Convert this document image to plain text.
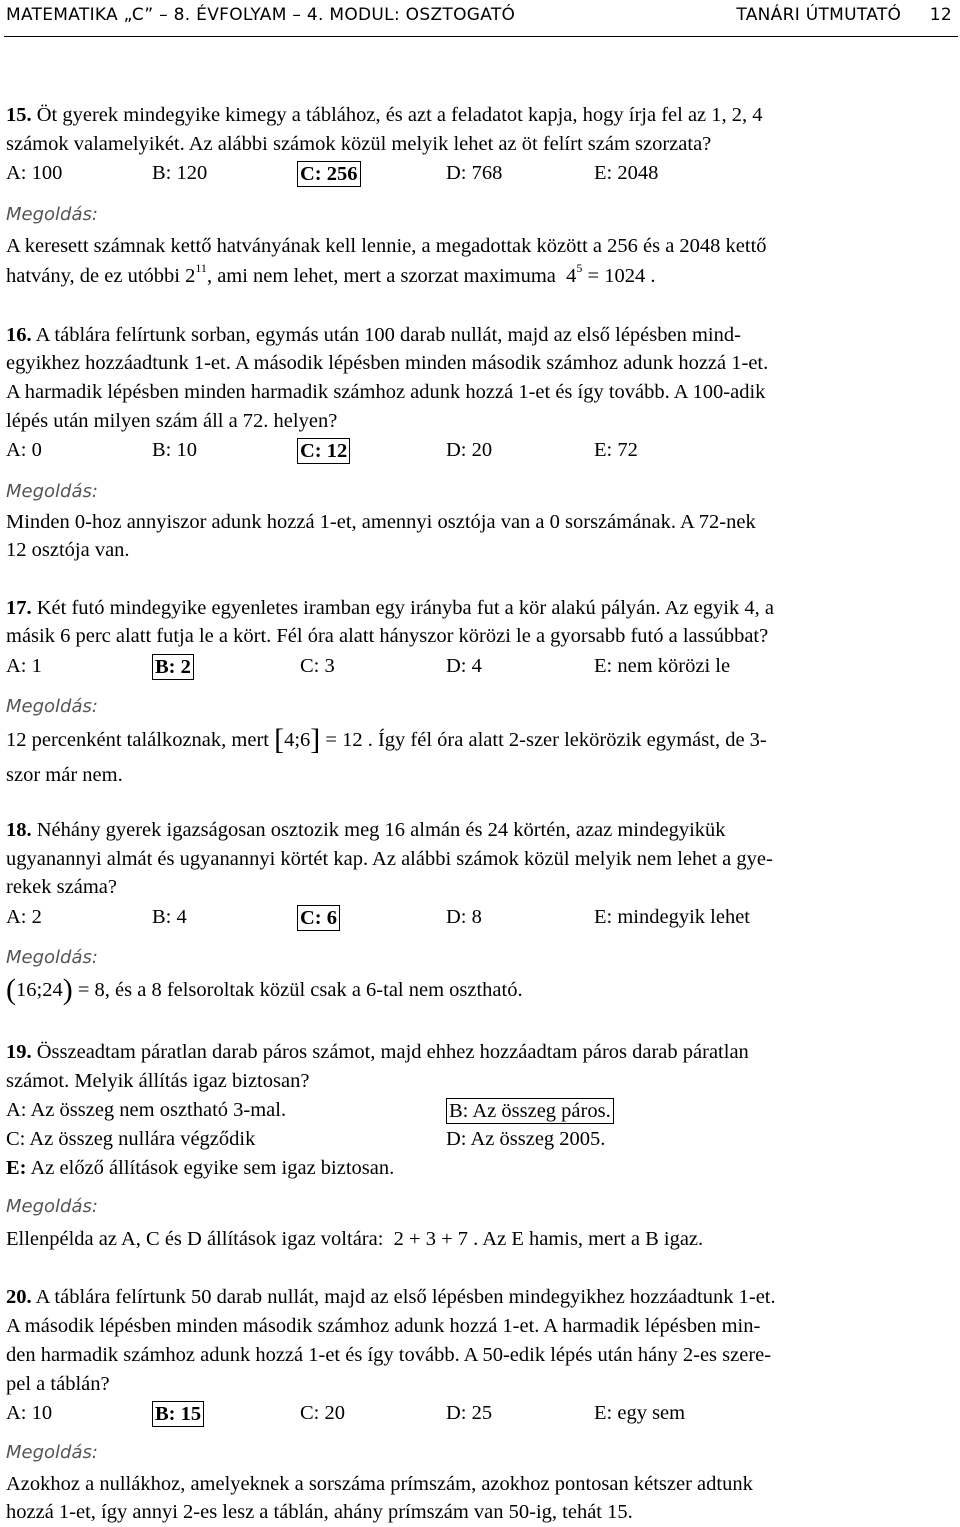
MATEMATIKA „C” – 8. ÉVFOLYAM – 4. MODUL: OSZTOGATÓ	TANÁRI ÚTMUTATÓ 12
15. Öt gyerek mindegyike kimegy a táblához, és azt a feladatot kapja, hogy írja fel az 1, 2, 4
számok valamelyikét. Az alábbi számok közül melyik lehet az öt felírt szám szorzata?
A: 100	B: 120	C: 256	D: 768	E: 2048
Megoldás:
A keresett számnak kettő hatványának kell lennie, a megadottak között a 256 és a 2048 kettő
hatvány, de ez utóbbi $2^{11}$, ami nem lehet, mert a szorzat maximuma  $4^5 = 1024$ .
16. A táblára felírtunk sorban, egymás után 100 darab nullát, majd az első lépésben mind-
egyikhez hozzáadtunk 1-et. A második lépésben minden második számhoz adunk hozzá 1-et.
A harmadik lépésben minden harmadik számhoz adunk hozzá 1-et és így tovább. A 100-adik
lépés után milyen szám áll a 72. helyen?
A: 0	B: 10	C: 12	D: 20	E: 72
Megoldás:
Minden 0-hoz annyiszor adunk hozzá 1-et, amennyi osztója van a 0 sorszámának. A 72-nek
12 osztója van.
17. Két futó mindegyike egyenletes iramban egy irányba fut a kör alakú pályán. Az egyik 4, a
másik 6 perc alatt futja le a kört. Fél óra alatt hányszor körözi le a gyorsabb futó a lassúbbat?
A: 1	B: 2	C: 3	D: 4	E: nem körözi le
Megoldás:
12 percenként találkoznak, mert [4;6] = 12 . Így fél óra alatt 2-szer lekörözik egymást, de 3-
szor már nem.
18. Néhány gyerek igazságosan osztozik meg 16 almán és 24 körtén, azaz mindegyikük
ugyanannyi almát és ugyanannyi körtét kap. Az alábbi számok közül melyik nem lehet a gye-
rekek száma?
A: 2	B: 4	C: 6	D: 8	E: mindegyik lehet
Megoldás:
(16;24) = 8, és a 8 felsoroltak közül csak a 6-tal nem osztható.
19. Összeadtam páratlan darab páros számot, majd ehhez hozzáadtam páros darab páratlan
számot. Melyik állítás igaz biztosan?
A: Az összeg nem osztható 3-mal.	B: Az összeg páros.
C: Az összeg nullára végződik	D: Az összeg 2005.
E: Az előző állítások egyike sem igaz biztosan.
Megoldás:
Ellenpélda az A, C és D állítások igaz voltára:  2 + 3 + 7 . Az E hamis, mert a B igaz.
20. A táblára felírtunk 50 darab nullát, majd az első lépésben mindegyikhez hozzáadtunk 1-et.
A második lépésben minden második számhoz adunk hozzá 1-et. A harmadik lépésben min-
den harmadik számhoz adunk hozzá 1-et és így tovább. A 50-edik lépés után hány 2-es szere-
pel a táblán?
A: 10	B: 15	C: 20	D: 25	E: egy sem
Megoldás:
Azokhoz a nullákhoz, amelyeknek a sorszáma prímszám, azokhoz pontosan kétszer adtunk
hozzá 1-et, így annyi 2-es lesz a táblán, ahány prímszám van 50-ig, tehát 15.
